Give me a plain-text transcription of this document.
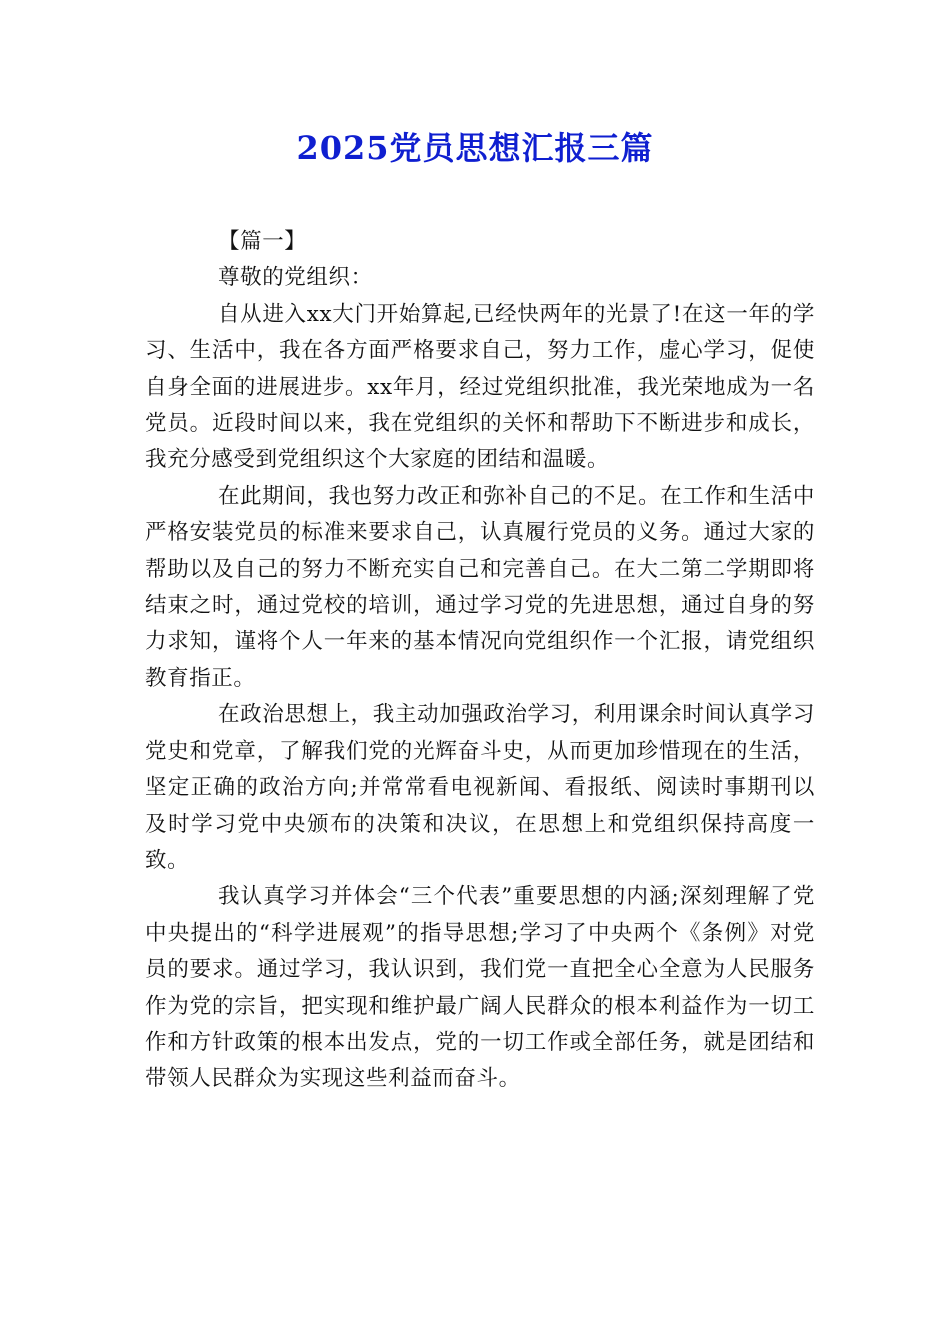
2025党员思想汇报三篇

【篇一】

尊敬的党组织：

自从进入xx大门开始算起,已经快两年的光景了!在这一年的学习、生活中，我在各方面严格要求自己，努力工作，虚心学习，促使自身全面的进展进步。xx年月，经过党组织批准，我光荣地成为一名党员。近段时间以来，我在党组织的关怀和帮助下不断进步和成长，我充分感受到党组织这个大家庭的团结和温暖。

在此期间，我也努力改正和弥补自己的不足。在工作和生活中严格安装党员的标准来要求自己，认真履行党员的义务。通过大家的帮助以及自己的努力不断充实自己和完善自己。在大二第二学期即将结束之时，通过党校的培训，通过学习党的先进思想，通过自身的努力求知，谨将个人一年来的基本情况向党组织作一个汇报，请党组织教育指正。

在政治思想上，我主动加强政治学习，利用课余时间认真学习党史和党章，了解我们党的光辉奋斗史，从而更加珍惜现在的生活，坚定正确的政治方向;并常常看电视新闻、看报纸、阅读时事期刊以及时学习党中央颁布的决策和决议，在思想上和党组织保持高度一致。

我认真学习并体会“三个代表”重要思想的内涵;深刻理解了党中央提出的“科学进展观”的指导思想;学习了中央两个《条例》对党员的要求。通过学习，我认识到，我们党一直把全心全意为人民服务作为党的宗旨，把实现和维护最广阔人民群众的根本利益作为一切工作和方针政策的根本出发点，党的一切工作或全部任务，就是团结和带领人民群众为实现这些利益而奋斗。
